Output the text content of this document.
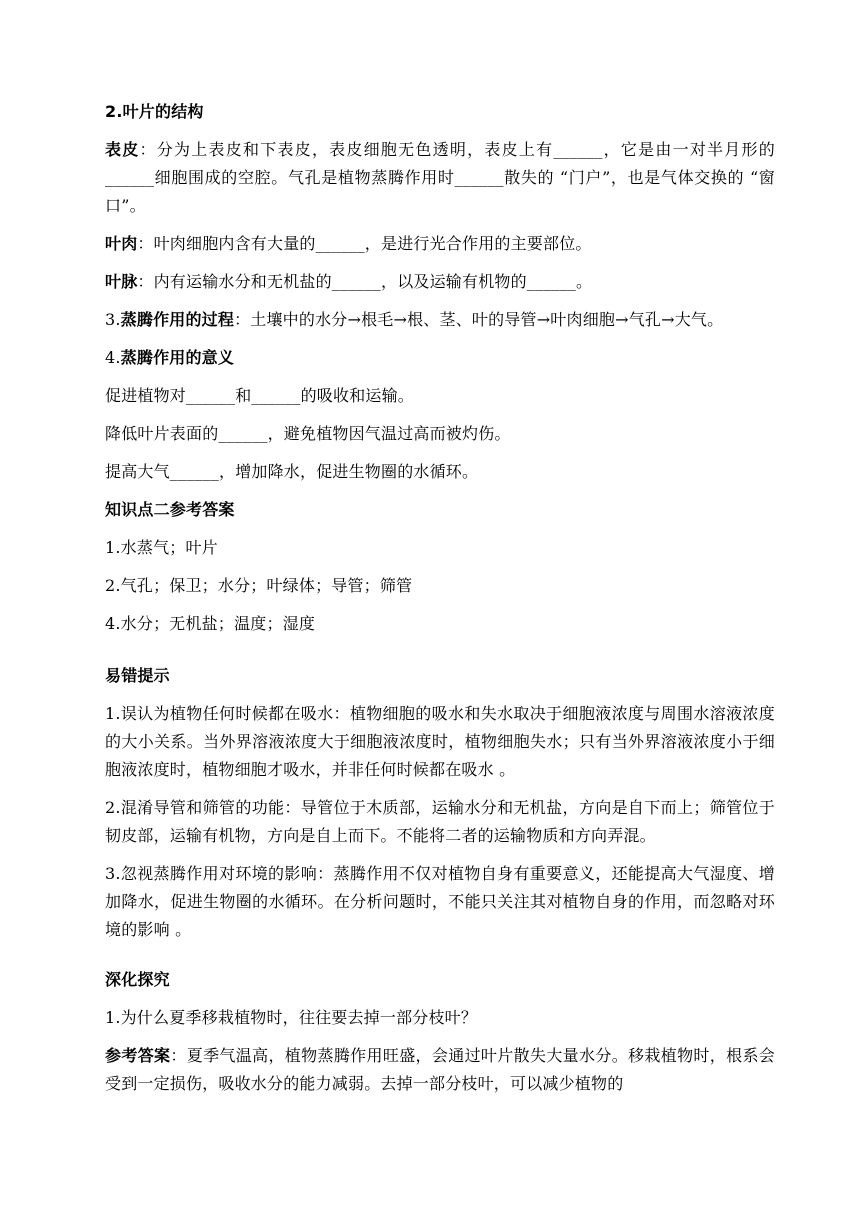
2.叶片的结构

表皮：分为上表皮和下表皮，表皮细胞无色透明，表皮上有______，它是由一对半月形的______细胞围成的空腔。气孔是植物蒸腾作用时______散失的 “门户”，也是气体交换的 “窗口”。

叶肉：叶肉细胞内含有大量的______，是进行光合作用的主要部位。

叶脉：内有运输水分和无机盐的______，以及运输有机物的______。

3.蒸腾作用的过程：土壤中的水分→根毛→根、茎、叶的导管→叶肉细胞→气孔→大气。

4.蒸腾作用的意义

促进植物对______和______的吸收和运输。

降低叶片表面的______，避免植物因气温过高而被灼伤。

提高大气______，增加降水，促进生物圈的水循环。

知识点二参考答案

1.水蒸气；叶片

2.气孔；保卫；水分；叶绿体；导管；筛管

4.水分；无机盐；温度；湿度

易错提示

1.误认为植物任何时候都在吸水：植物细胞的吸水和失水取决于细胞液浓度与周围水溶液浓度的大小关系。当外界溶液浓度大于细胞液浓度时，植物细胞失水；只有当外界溶液浓度小于细胞液浓度时，植物细胞才吸水，并非任何时候都在吸水 。

2.混淆导管和筛管的功能：导管位于木质部，运输水分和无机盐，方向是自下而上；筛管位于韧皮部，运输有机物，方向是自上而下。不能将二者的运输物质和方向弄混。

3.忽视蒸腾作用对环境的影响：蒸腾作用不仅对植物自身有重要意义，还能提高大气湿度、增加降水，促进生物圈的水循环。在分析问题时，不能只关注其对植物自身的作用，而忽略对环境的影响 。

深化探究

1.为什么夏季移栽植物时，往往要去掉一部分枝叶？

参考答案：夏季气温高，植物蒸腾作用旺盛，会通过叶片散失大量水分。移栽植物时，根系会受到一定损伤，吸收水分的能力减弱。去掉一部分枝叶，可以减少植物的
